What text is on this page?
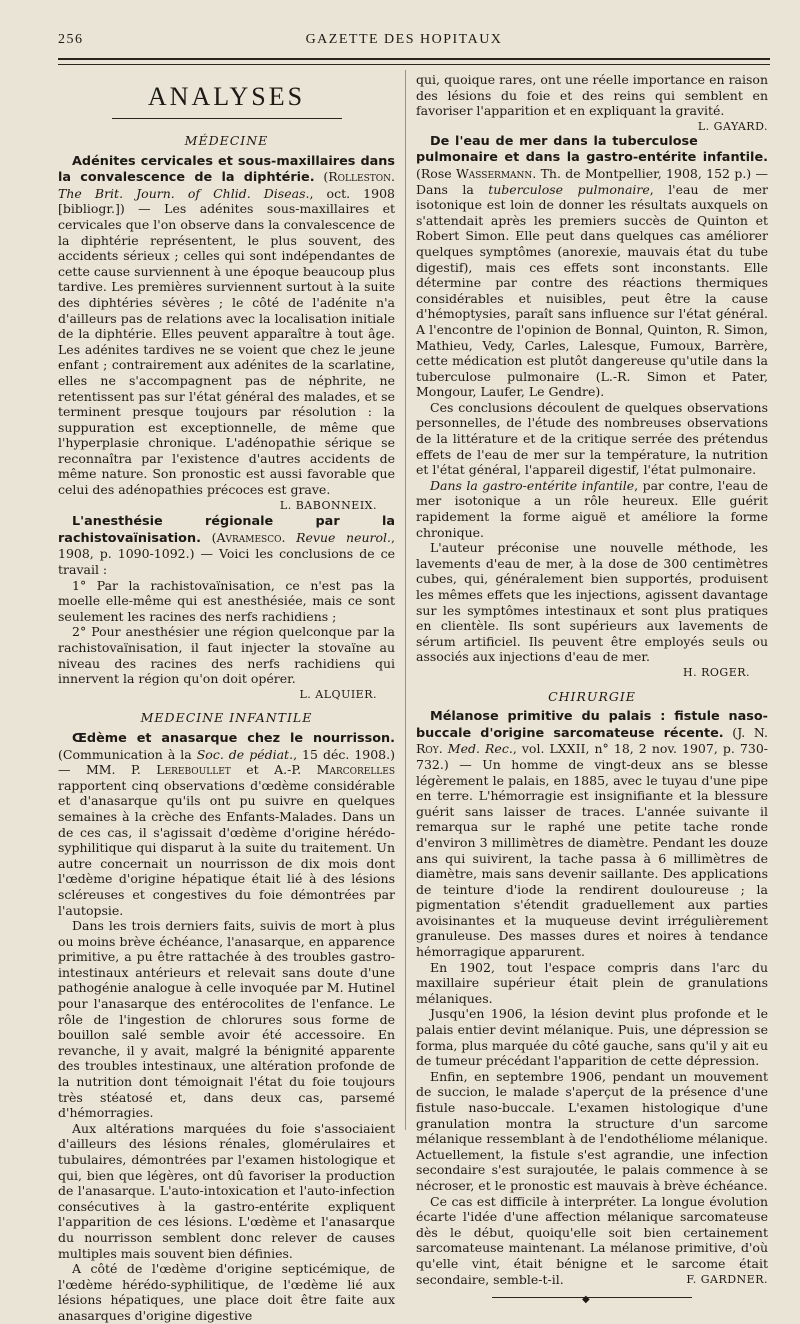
256	GAZETTE DES HOPITAUX
ANALYSES
MÉDECINE

Adénites cervicales et sous-maxillaires dans la convalescence de la diphtérie. (Rolleston. The Brit. Journ. of Chlid. Diseas., oct. 1908 [bibliogr.]) — Les adénites sous-maxillaires et cervicales que l'on observe dans la convalescence de la diphtérie représentent, le plus souvent, des accidents sérieux ; celles qui sont indépendantes de cette cause surviennent à une époque beaucoup plus tardive. Les premières surviennent surtout à la suite des diphtéries sévères ; le côté de l'adénite n'a d'ailleurs pas de relations avec la localisation initiale de la diphtérie. Elles peuvent apparaître à tout âge. Les adénites tardives ne se voient que chez le jeune enfant ; contrairement aux adénites de la scarlatine, elles ne s'accompagnent pas de néphrite, ne retentissent pas sur l'état général des malades, et se terminent presque toujours par résolution : la suppuration est exceptionnelle, de même que l'hyperplasie chronique. L'adénopathie sérique se reconnaîtra par l'existence d'autres accidents de même nature. Son pronostic est aussi favorable que celui des adénopathies précoces est grave.

L. BABONNEIX.

L'anesthésie régionale par la rachistovaïnisation. (Avramesco. Revue neurol., 1908, p. 1090-1092.) — Voici les conclusions de ce travail :

1° Par la rachistovaïnisation, ce n'est pas la moelle elle-même qui est anesthésiée, mais ce sont seulement les racines des nerfs rachidiens ;

2° Pour anesthésier une région quelconque par la rachistovaïnisation, il faut injecter la stovaïne au niveau des racines des nerfs rachidiens qui innervent la région qu'on doit opérer.

L. ALQUIER.

MEDECINE INFANTILE

Œdème et anasarque chez le nourrisson. (Communication à la Soc. de pédiat., 15 déc. 1908.) — MM. P. Lereboullet et A.-P. Marcorelles rapportent cinq observations d'œdème considérable et d'anasarque qu'ils ont pu suivre en quelques semaines à la crèche des Enfants-Malades. Dans un de ces cas, il s'agissait d'œdème d'origine hérédo-syphilitique qui disparut à la suite du traitement. Un autre concernait un nourrisson de dix mois dont l'œdème d'origine hépatique était lié à des lésions scléreuses et congestives du foie démontrées par l'autopsie.

Dans les trois derniers faits, suivis de mort à plus ou moins brève échéance, l'anasarque, en apparence primitive, a pu être rattachée à des troubles gastro-intestinaux antérieurs et relevait sans doute d'une pathogénie analogue à celle invoquée par M. Hutinel pour l'anasarque des entérocolites de l'enfance. Le rôle de l'ingestion de chlorures sous forme de bouillon salé semble avoir été accessoire. En revanche, il y avait, malgré la bénignité apparente des troubles intestinaux, une altération profonde de la nutrition dont témoignait l'état du foie toujours très stéatosé et, dans deux cas, parsemé d'hémorragies.

Aux altérations marquées du foie s'associaient d'ailleurs des lésions rénales, glomérulaires et tubulaires, démontrées par l'examen histologique et qui, bien que légères, ont dû favoriser la production de l'anasarque. L'auto-intoxication et l'auto-infection consécutives à la gastro-entérite expliquent l'apparition de ces lésions. L'œdème et l'anasarque du nourrisson semblent donc relever de causes multiples mais souvent bien définies.

A côté de l'œdème d'origine septicémique, de l'œdème hérédo-syphilitique, de l'œdème lié aux lésions hépatiques, une place doit être faite aux anasarques d'origine digestive

qui, quoique rares, ont une réelle importance en raison des lésions du foie et des reins qui semblent en favoriser l'apparition et en expliquant la gravité.
L. GAYARD.

De l'eau de mer dans la tuberculose pulmonaire et dans la gastro-entérite infantile. (Rose Wassermann. Th. de Montpellier, 1908, 152 p.) — Dans la tuberculose pulmonaire, l'eau de mer isotonique est loin de donner les résultats auxquels on s'attendait après les premiers succès de Quinton et Robert Simon. Elle peut dans quelques cas améliorer quelques symptômes (anorexie, mauvais état du tube digestif), mais ces effets sont inconstants. Elle détermine par contre des réactions thermiques considérables et nuisibles, peut être la cause d'hémoptysies, paraît sans influence sur l'état général. A l'encontre de l'opinion de Bonnal, Quinton, R. Simon, Mathieu, Vedy, Carles, Lalesque, Fumoux, Barrère, cette médication est plutôt dangereuse qu'utile dans la tuberculose pulmonaire (L.-R. Simon et Pater, Mongour, Laufer, Le Gendre).

Ces conclusions découlent de quelques observations personnelles, de l'étude des nombreuses observations de la littérature et de la critique serrée des prétendus effets de l'eau de mer sur la température, la nutrition et l'état général, l'appareil digestif, l'état pulmonaire.

Dans la gastro-entérite infantile, par contre, l'eau de mer isotonique a un rôle heureux. Elle guérit rapidement la forme aiguë et améliore la forme chronique.

L'auteur préconise une nouvelle méthode, les lavements d'eau de mer, à la dose de 300 centimètres cubes, qui, généralement bien supportés, produisent les mêmes effets que les injections, agissent davantage sur les symptômes intestinaux et sont plus pratiques en clientèle. Ils sont supérieurs aux lavements de sérum artificiel. Ils peuvent être employés seuls ou associés aux injections d'eau de mer.

H. ROGER.

CHIRURGIE

Mélanose primitive du palais : fistule naso-buccale d'origine sarcomateuse récente. (J. N. Roy. Med. Rec., vol. LXXII, n° 18, 2 nov. 1907, p. 730-732.) — Un homme de vingt-deux ans se blesse légèrement le palais, en 1885, avec le tuyau d'une pipe en terre. L'hémorragie est insignifiante et la blessure guérit sans laisser de traces. L'année suivante il remarqua sur le raphé une petite tache ronde d'environ 3 millimètres de diamètre. Pendant les douze ans qui suivirent, la tache passa à 6 millimètres de diamètre, mais sans devenir saillante. Des applications de teinture d'iode la rendirent douloureuse ; la pigmentation s'étendit graduellement aux parties avoisinantes et la muqueuse devint irrégulièrement granuleuse. Des masses dures et noires à tendance hémorragique apparurent.

En 1902, tout l'espace compris dans l'arc du maxillaire supérieur était plein de granulations mélaniques.

Jusqu'en 1906, la lésion devint plus profonde et le palais entier devint mélanique. Puis, une dépression se forma, plus marquée du côté gauche, sans qu'il y ait eu de tumeur précédant l'apparition de cette dépression.

Enfin, en septembre 1906, pendant un mouvement de succion, le malade s'aperçut de la présence d'une fistule naso-buccale. L'examen histologique d'une granulation montra la structure d'un sarcome mélanique ressemblant à de l'endothéliome mélanique. Actuellement, la fistule s'est agrandie, une infection secondaire s'est surajoutée, le palais commence à se nécroser, et le pronostic est mauvais à brève échéance.

Ce cas est difficile à interpréter. La longue évolution écarte l'idée d'une affection mélanique sarcomateuse dès le début, quoiqu'elle soit bien certainement sarcomateuse maintenant. La mélanose primitive, d'où qu'elle vint, était bénigne et le sarcome était secondaire, semble-t-il.	F. GARDNER.

◆
